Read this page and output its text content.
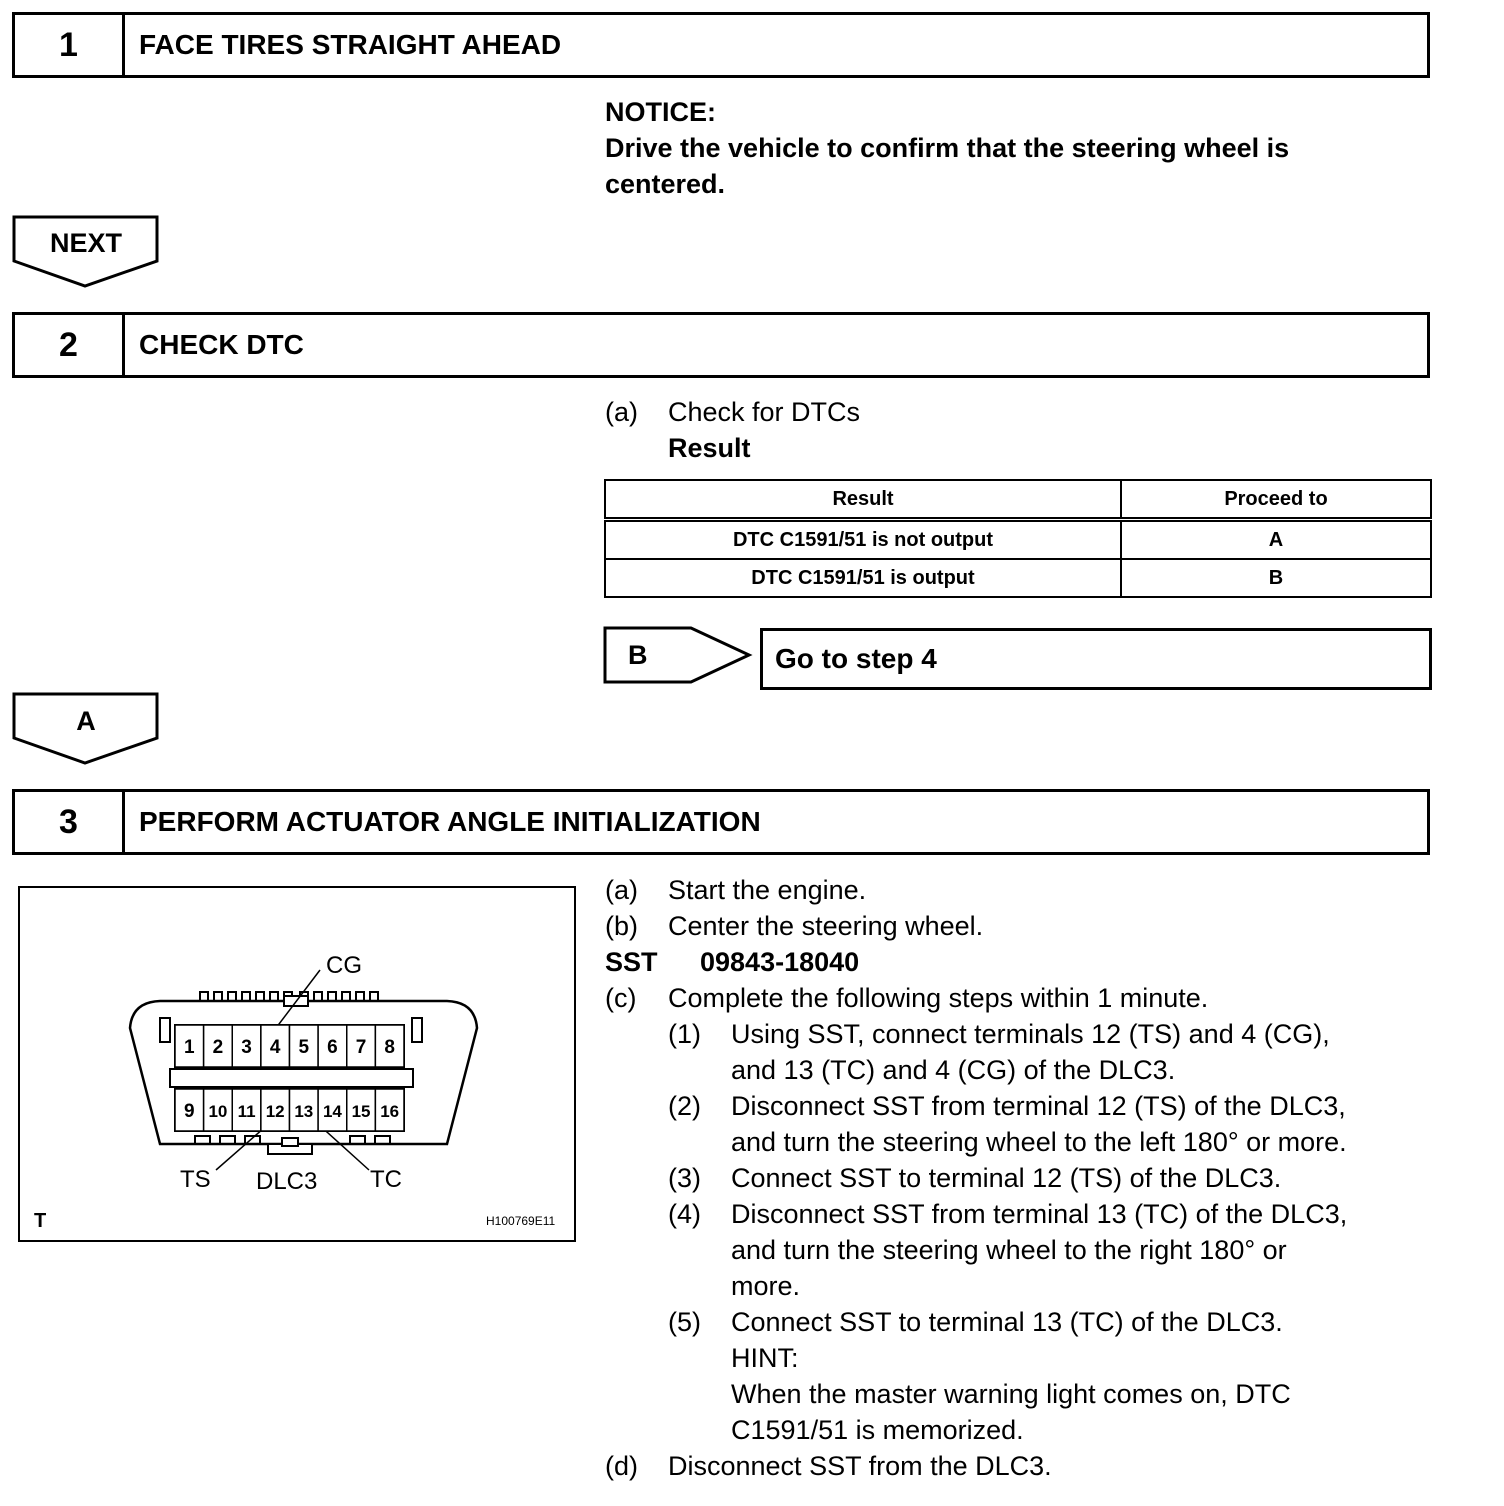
1	FACE TIRES STRAIGHT AHEAD
NOTICE:
Drive the vehicle to confirm that the steering wheel is
centered.
NEXT
2	CHECK DTC
(a) Check for DTCs
Result
Result	Proceed to
DTC C1591/51 is not output	A
DTC C1591/51 is output	B
B	Go to step 4
A
3	PERFORM ACTUATOR ANGLE INITIALIZATION
1 2 3 4 5 6 7 8
9 10 11 12 13 14 15 16
CG
TS DLC3 TC
T	H100769E11
(a) Start the engine.
(b) Center the steering wheel.
SST 09843-18040
(c) Complete the following steps within 1 minute.
(1) Using SST, connect terminals 12 (TS) and 4 (CG),
and 13 (TC) and 4 (CG) of the DLC3.
(2) Disconnect SST from terminal 12 (TS) of the DLC3,
and turn the steering wheel to the left 180° or more.
(3) Connect SST to terminal 12 (TS) of the DLC3.
(4) Disconnect SST from terminal 13 (TC) of the DLC3,
and turn the steering wheel to the right 180° or
more.
(5) Connect SST to terminal 13 (TC) of the DLC3.
HINT:
When the master warning light comes on, DTC
C1591/51 is memorized.
(d) Disconnect SST from the DLC3.
